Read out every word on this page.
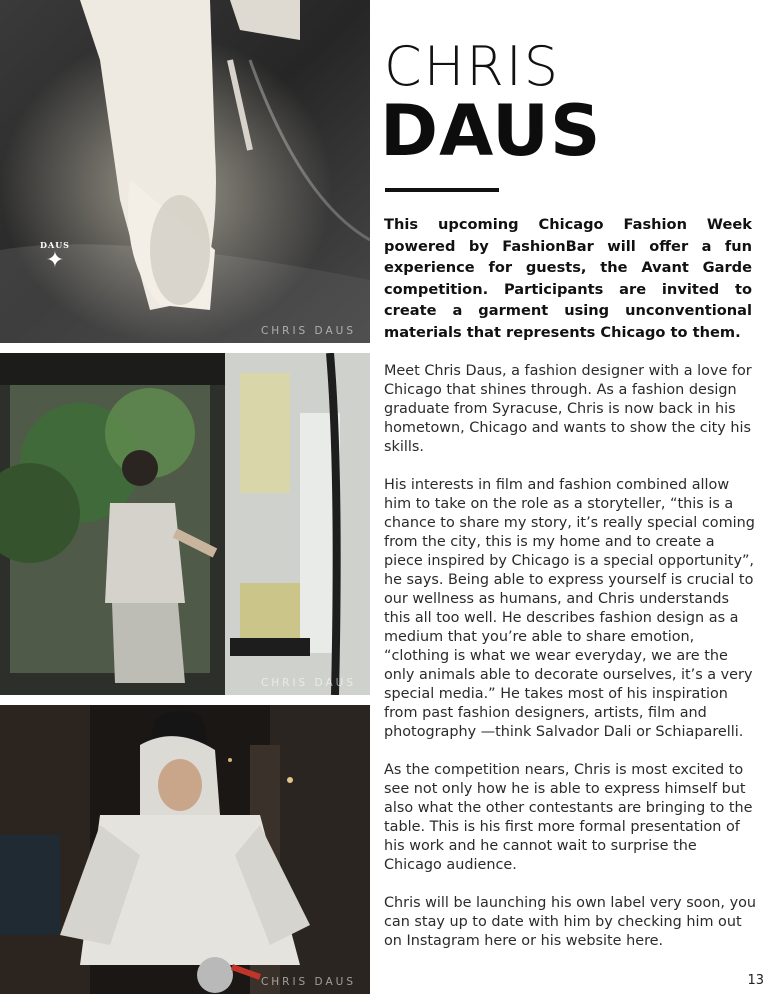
DAUS
✦
CHRIS DAUS
CHRIS DAUS
CHRIS DAUS
CHRIS
DAUS

This upcoming Chicago Fashion Week powered by FashionBar will offer a fun experience for guests, the Avant Garde competition. Participants are invited to create a garment using unconventional materials that represents Chicago to them.

Meet Chris Daus, a fashion designer with a love for Chicago that shines through. As a fashion design graduate from Syracuse, Chris is now back in his hometown, Chicago and wants to show the city his skills.

His interests in film and fashion combined allow him to take on the role as a storyteller, “this is a chance to share my story, it’s really special coming from the city, this is my home and to create a piece inspired by Chicago is a special opportunity”, he says. Being able to express yourself is crucial to our wellness as humans, and Chris understands this all too well. He describes fashion design as a medium that you’re able to share emotion, “clothing is what we wear everyday, we are the only animals able to decorate ourselves, it’s a very special media.” He takes most of his inspiration from past fashion designers, artists, film and photography —think Salvador Dali or Schiaparelli.

As the competition nears, Chris is most excited to see not only how he is able to express himself but also what the other contestants are bringing to the table. This is his first more formal presentation of his work and he cannot wait to surprise the Chicago audience.

Chris will be launching his own label very soon, you can stay up to date with him by checking him out on Instagram here or his website here.

13
